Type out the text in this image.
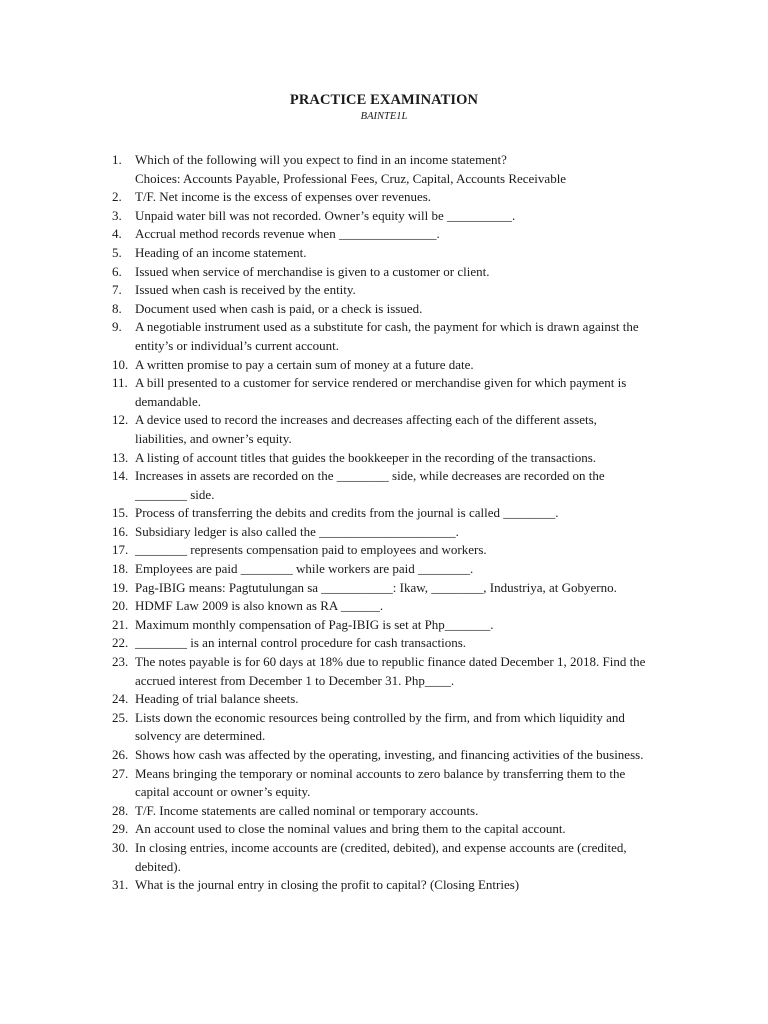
PRACTICE EXAMINATION
BAINTE1L
1.	Which of the following will you expect to find in an income statement?
Choices: Accounts Payable, Professional Fees, Cruz, Capital, Accounts Receivable
2.	T/F. Net income is the excess of expenses over revenues.
3.	Unpaid water bill was not recorded. Owner’s equity will be __________.
4.	Accrual method records revenue when _______________.
5.	Heading of an income statement.
6.	Issued when service of merchandise is given to a customer or client.
7.	Issued when cash is received by the entity.
8.	Document used when cash is paid, or a check is issued.
9.	A negotiable instrument used as a substitute for cash, the payment for which is drawn against the
entity’s or individual’s current account.
10. A written promise to pay a certain sum of money at a future date.
11. A bill presented to a customer for service rendered or merchandise given for which payment is
demandable.
12. A device used to record the increases and decreases affecting each of the different assets,
liabilities, and owner’s equity.
13. A listing of account titles that guides the bookkeeper in the recording of the transactions.
14. Increases in assets are recorded on the ________ side, while decreases are recorded on the
________ side.
15. Process of transferring the debits and credits from the journal is called ________.
16. Subsidiary ledger is also called the _____________________.
17. ________ represents compensation paid to employees and workers.
18. Employees are paid ________ while workers are paid ________.
19. Pag-IBIG means: Pagtutulungan sa ___________: Ikaw, ________, Industriya, at Gobyerno.
20. HDMF Law 2009 is also known as RA ______.
21. Maximum monthly compensation of Pag-IBIG is set at Php_______.
22. ________ is an internal control procedure for cash transactions.
23. The notes payable is for 60 days at 18% due to republic finance dated December 1, 2018. Find the
accrued interest from December 1 to December 31. Php____.
24. Heading of trial balance sheets.
25. Lists down the economic resources being controlled by the firm, and from which liquidity and
solvency are determined.
26. Shows how cash was affected by the operating, investing, and financing activities of the business.
27. Means bringing the temporary or nominal accounts to zero balance by transferring them to the
capital account or owner’s equity.
28. T/F. Income statements are called nominal or temporary accounts.
29. An account used to close the nominal values and bring them to the capital account.
30. In closing entries, income accounts are (credited, debited), and expense accounts are (credited,
debited).
31. What is the journal entry in closing the profit to capital? (Closing Entries)
